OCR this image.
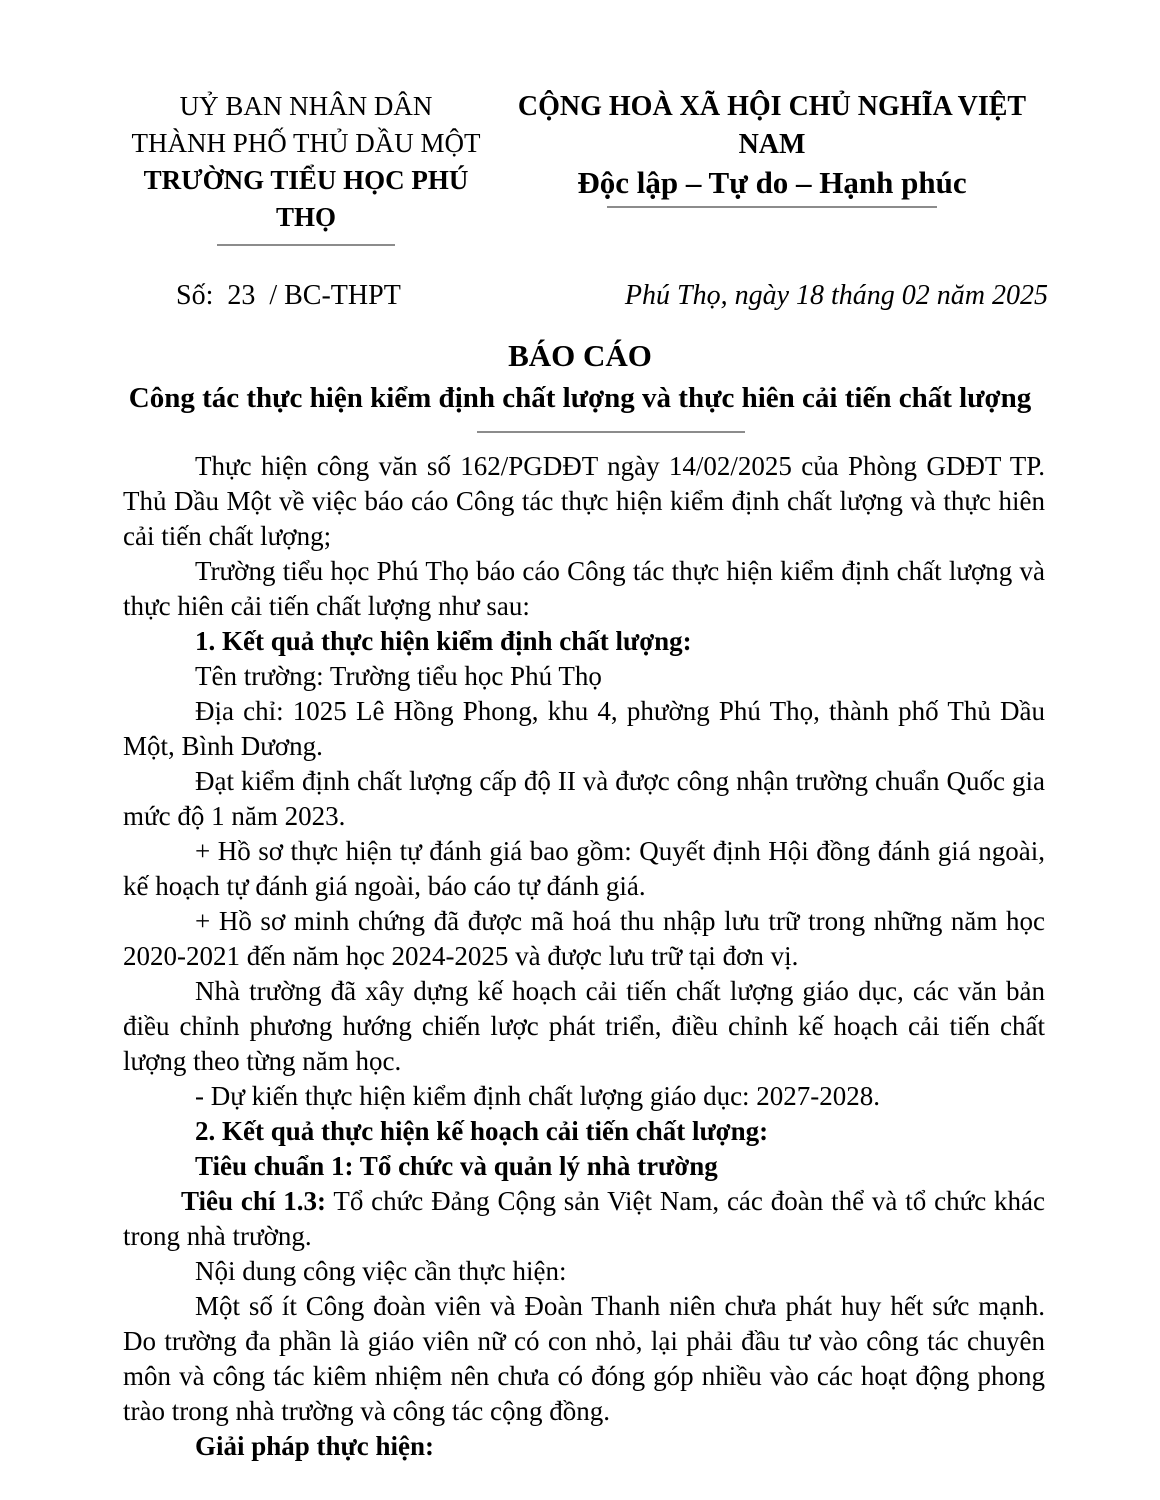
UỶ BAN NHÂN DÂN
THÀNH PHỐ THỦ DẦU MỘT
TRƯỜNG TIỂU HỌC PHÚ THỌ
CỘNG HOÀ XÃ HỘI CHỦ NGHĨA VIỆT NAM
Độc lập – Tự do – Hạnh phúc
Số:  23  / BC-THPT	Phú Thọ, ngày 18 tháng 02 năm 2025
BÁO CÁO
Công tác thực hiện kiểm định chất lượng và thực hiên cải tiến chất lượng

Thực hiện công văn số 162/PGDĐT ngày 14/02/2025 của Phòng GDĐT TP. Thủ Dầu Một về việc báo cáo Công tác thực hiện kiểm định chất lượng và thực hiên cải tiến chất lượng;

Trường tiểu học Phú Thọ báo cáo Công tác thực hiện kiểm định chất lượng và thực hiên cải tiến chất lượng như sau:

1. Kết quả thực hiện kiểm định chất lượng:

Tên trường: Trường tiểu học Phú Thọ

Địa chỉ: 1025 Lê Hồng Phong, khu 4, phường Phú Thọ, thành phố Thủ Dầu Một, Bình Dương.

Đạt kiểm định chất lượng cấp độ II và được công nhận trường chuẩn Quốc gia mức độ 1 năm 2023.

+ Hồ sơ thực hiện tự đánh giá bao gồm: Quyết định Hội đồng đánh giá ngoài, kế hoạch tự đánh giá ngoài, báo cáo tự đánh giá.

+ Hồ sơ minh chứng đã được mã hoá thu nhập lưu trữ trong những năm học 2020-2021 đến năm học 2024-2025 và được lưu trữ tại đơn vị.

Nhà trường đã xây dựng kế hoạch cải tiến chất lượng giáo dục, các văn bản điều chỉnh phương hướng chiến lược phát triển, điều chỉnh kế hoạch cải tiến chất lượng theo từng năm học.

- Dự kiến thực hiện kiểm định chất lượng giáo dục: 2027-2028.

2. Kết quả thực hiện kế hoạch cải tiến chất lượng:

Tiêu chuẩn 1: Tổ chức và quản lý nhà trường

Tiêu chí 1.3: Tổ chức Đảng Cộng sản Việt Nam, các đoàn thể và tổ chức khác trong nhà trường.

Nội dung công việc cần thực hiện:

Một số ít Công đoàn viên và Đoàn Thanh niên chưa phát huy hết sức mạnh. Do trường đa phần là giáo viên nữ có con nhỏ, lại phải đầu tư vào công tác chuyên môn và công tác kiêm nhiệm nên chưa có đóng góp nhiều vào các hoạt động phong trào trong nhà trường và công tác cộng đồng.

Giải pháp thực hiện:
